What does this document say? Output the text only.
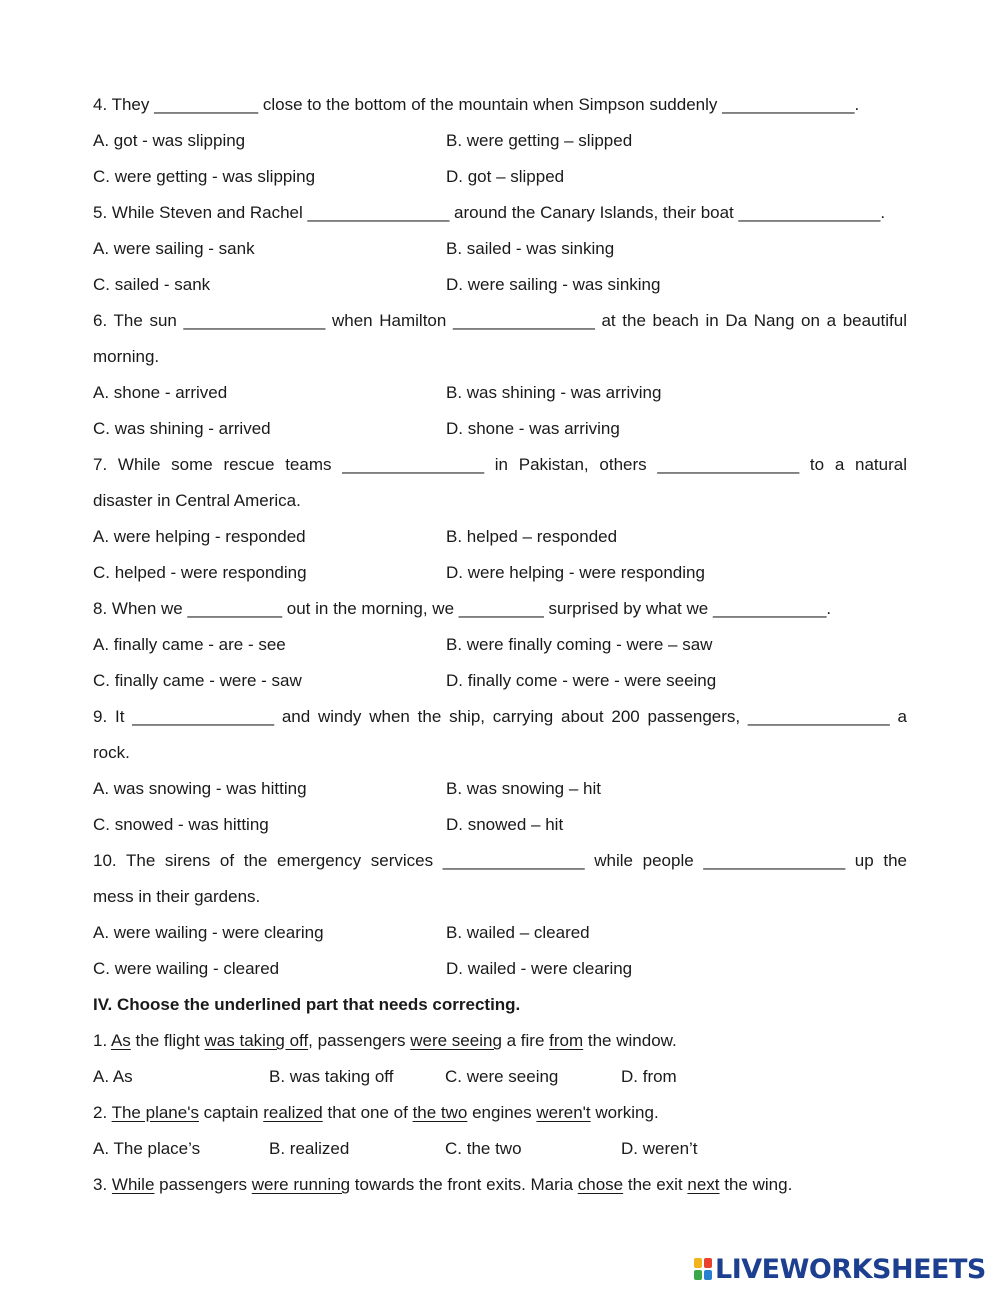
4. They ___________ close to the bottom of the mountain when Simpson suddenly ______________.
A. got - was slipping	B. were getting – slipped
C. were getting - was slipping	D. got – slipped
5. While Steven and Rachel _______________ around the Canary Islands, their boat _______________.
A. were sailing - sank	B. sailed - was sinking
C. sailed - sank	D. were sailing - was sinking
6. The sun _______________ when Hamilton _______________ at the beach in Da Nang on a beautiful
morning.
A. shone - arrived	B. was shining - was arriving
C. was shining - arrived	D. shone - was arriving
7. While some rescue teams _______________ in Pakistan, others _______________ to a natural
disaster in Central America.
A. were helping - responded	B. helped – responded
C. helped - were responding	D. were helping - were responding
8. When we __________ out in the morning, we _________ surprised by what we ____________.
A. finally came - are - see	B. were finally coming - were – saw
C. finally came - were - saw	D. finally come - were - were seeing
9. It _______________ and windy when the ship, carrying about 200 passengers, _______________ a
rock.
A. was snowing - was hitting	B. was snowing – hit
C. snowed - was hitting	D. snowed – hit
10. The sirens of the emergency services _______________ while people _______________ up the
mess in their gardens.
A. were wailing - were clearing	B. wailed – cleared
C. were wailing - cleared	D. wailed - were clearing
IV. Choose the underlined part that needs correcting.
1. As the flight was taking off, passengers were seeing a fire from the window.
A. As	B. was taking off	C. were seeing	D. from
2. The plane's captain realized that one of the two engines weren't working.
A. The place’s	B. realized	C. the two	D. weren’t
3. While passengers were running towards the front exits. Maria chose the exit next the wing.
LIVEWORKSHEETS
